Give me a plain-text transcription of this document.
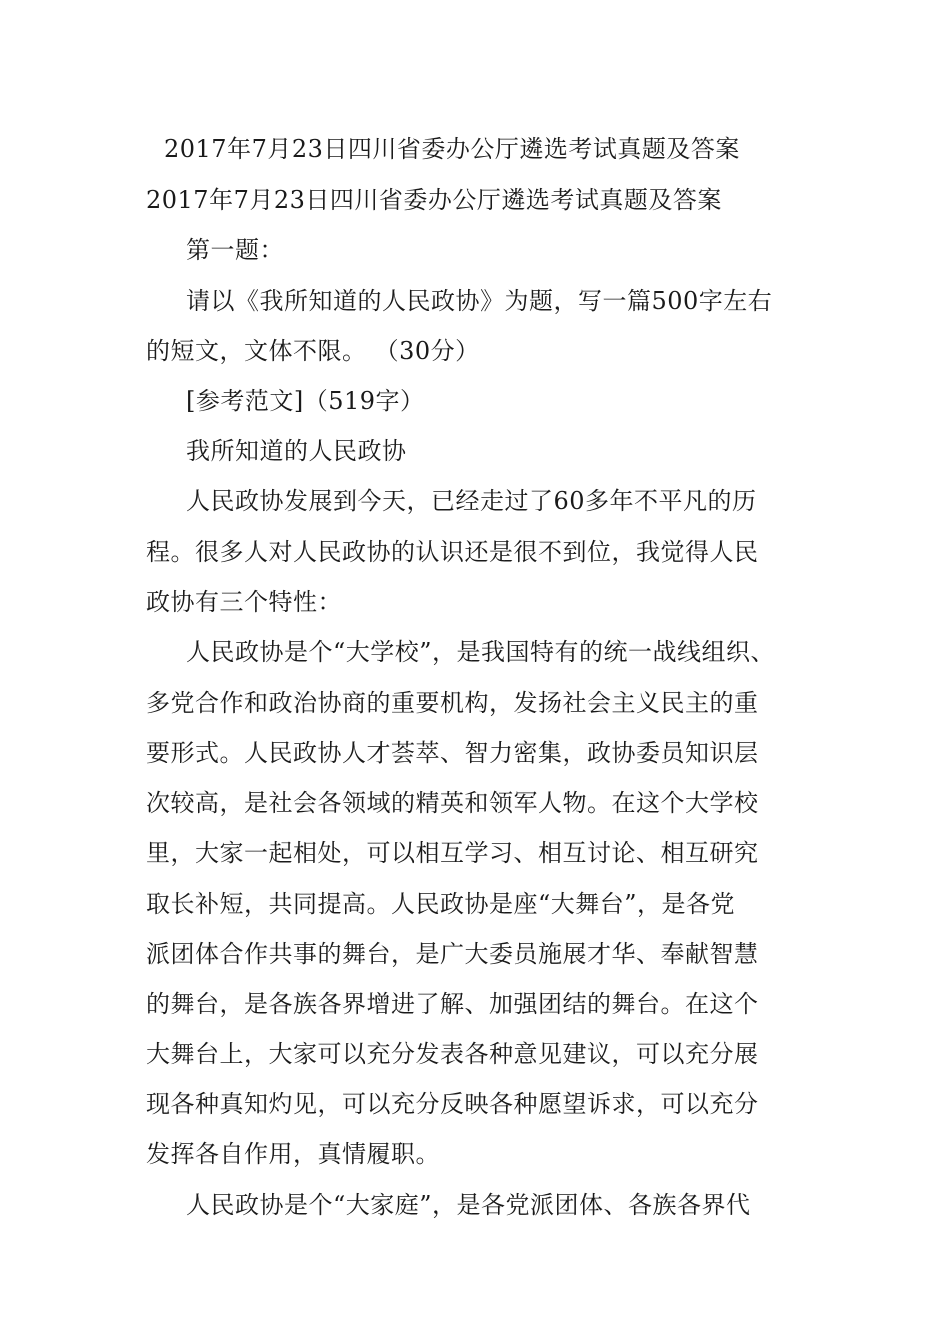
2017年7月23日四川省委办公厅遴选考试真题及答案
2017年7月23日四川省委办公厅遴选考试真题及答案
第一题：
请以《我所知道的人民政协》为题，写一篇500字左右
的短文，文体不限。 （30分）
[参考范文]（519字）
我所知道的人民政协
人民政协发展到今天，已经走过了60多年不平凡的历
程。很多人对人民政协的认识还是很不到位，我觉得人民
政协有三个特性：
人民政协是个“大学校”，是我国特有的统一战线组织、
多党合作和政治协商的重要机构，发扬社会主义民主的重
要形式。人民政协人才荟萃、智力密集，政协委员知识层
次较高，是社会各领域的精英和领军人物。在这个大学校
里，大家一起相处，可以相互学习、相互讨论、相互研究
取长补短，共同提高。人民政协是座“大舞台”，是各党
派团体合作共事的舞台，是广大委员施展才华、奉献智慧
的舞台，是各族各界增进了解、加强团结的舞台。在这个
大舞台上，大家可以充分发表各种意见建议，可以充分展
现各种真知灼见，可以充分反映各种愿望诉求，可以充分
发挥各自作用，真情履职。
人民政协是个“大家庭”，是各党派团体、各族各界代
